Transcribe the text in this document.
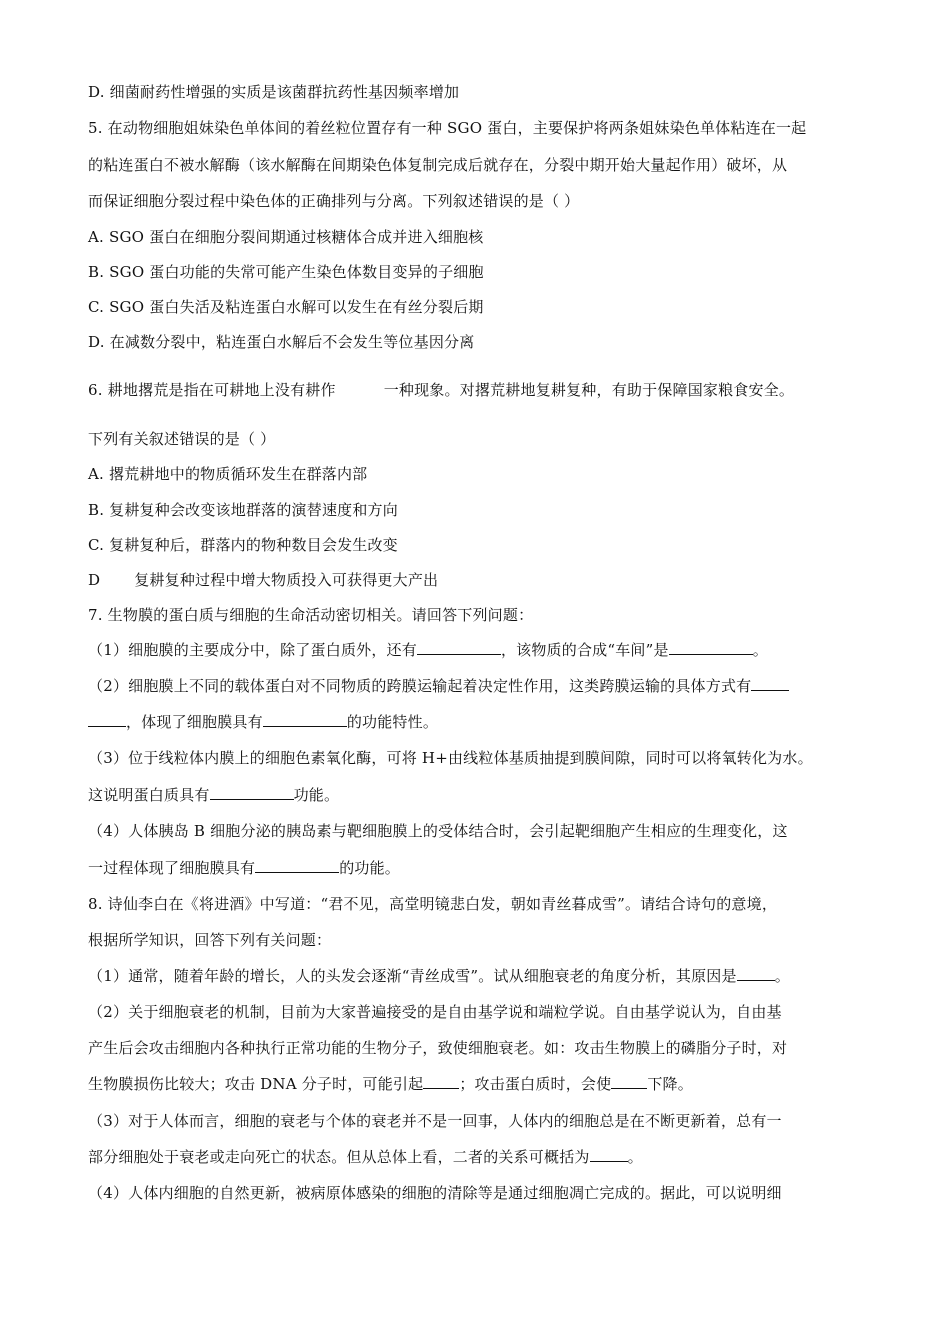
D. 细菌耐药性增强的实质是该菌群抗药性基因频率增加
5. 在动物细胞姐妹染色单体间的着丝粒位置存有一种 SGO 蛋白，主要保护将两条姐妹染色单体粘连在一起
的粘连蛋白不被水解酶（该水解酶在间期染色体复制完成后就存在，分裂中期开始大量起作用）破坏，从
而保证细胞分裂过程中染色体的正确排列与分离。下列叙述错误的是（ ）
A. SGO 蛋白在细胞分裂间期通过核糖体合成并进入细胞核
B. SGO 蛋白功能的失常可能产生染色体数目变异的子细胞
C. SGO 蛋白失活及粘连蛋白水解可以发生在有丝分裂后期
D. 在减数分裂中，粘连蛋白水解后不会发生等位基因分离
6. 耕地撂荒是指在可耕地上没有耕作	一种现象。对撂荒耕地复耕复种，有助于保障国家粮食安全。
下列有关叙述错误的是（ ）
A. 撂荒耕地中的物质循环发生在群落内部
B. 复耕复种会改变该地群落的演替速度和方向
C. 复耕复种后，群落内的物种数目会发生改变
D 复耕复种过程中增大物质投入可获得更大产出
7. 生物膜的蛋白质与细胞的生命活动密切相关。请回答下列问题：
（1）细胞膜的主要成分中，除了蛋白质外，还有	，该物质的合成“车间”是	。
（2）细胞膜上不同的载体蛋白对不同物质的跨膜运输起着决定性作用，这类跨膜运输的具体方式有
，体现了细胞膜具有	的功能特性。
（3）位于线粒体内膜上的细胞色素氧化酶，可将 H+由线粒体基质抽提到膜间隙，同时可以将氧转化为水。
这说明蛋白质具有	功能。
（4）人体胰岛 B 细胞分泌的胰岛素与靶细胞膜上的受体结合时，会引起靶细胞产生相应的生理变化，这
一过程体现了细胞膜具有	的功能。
8. 诗仙李白在《将进酒》中写道：“君不见，高堂明镜悲白发，朝如青丝暮成雪”。请结合诗句的意境，
根据所学知识，回答下列有关问题：
（1）通常，随着年龄的增长，人的头发会逐渐“青丝成雪”。试从细胞衰老的角度分析，其原因是	。
（2）关于细胞衰老的机制，目前为大家普遍接受的是自由基学说和端粒学说。自由基学说认为，自由基
产生后会攻击细胞内各种执行正常功能的生物分子，致使细胞衰老。如：攻击生物膜上的磷脂分子时，对
生物膜损伤比较大；攻击 DNA 分子时，可能引起 ；攻击蛋白质时，会使 下降。
（3）对于人体而言，细胞的衰老与个体的衰老并不是一回事，人体内的细胞总是在不断更新着，总有一
部分细胞处于衰老或走向死亡的状态。但从总体上看，二者的关系可概括为	。
（4）人体内细胞的自然更新，被病原体感染的细胞的清除等是通过细胞凋亡完成的。据此，可以说明细
